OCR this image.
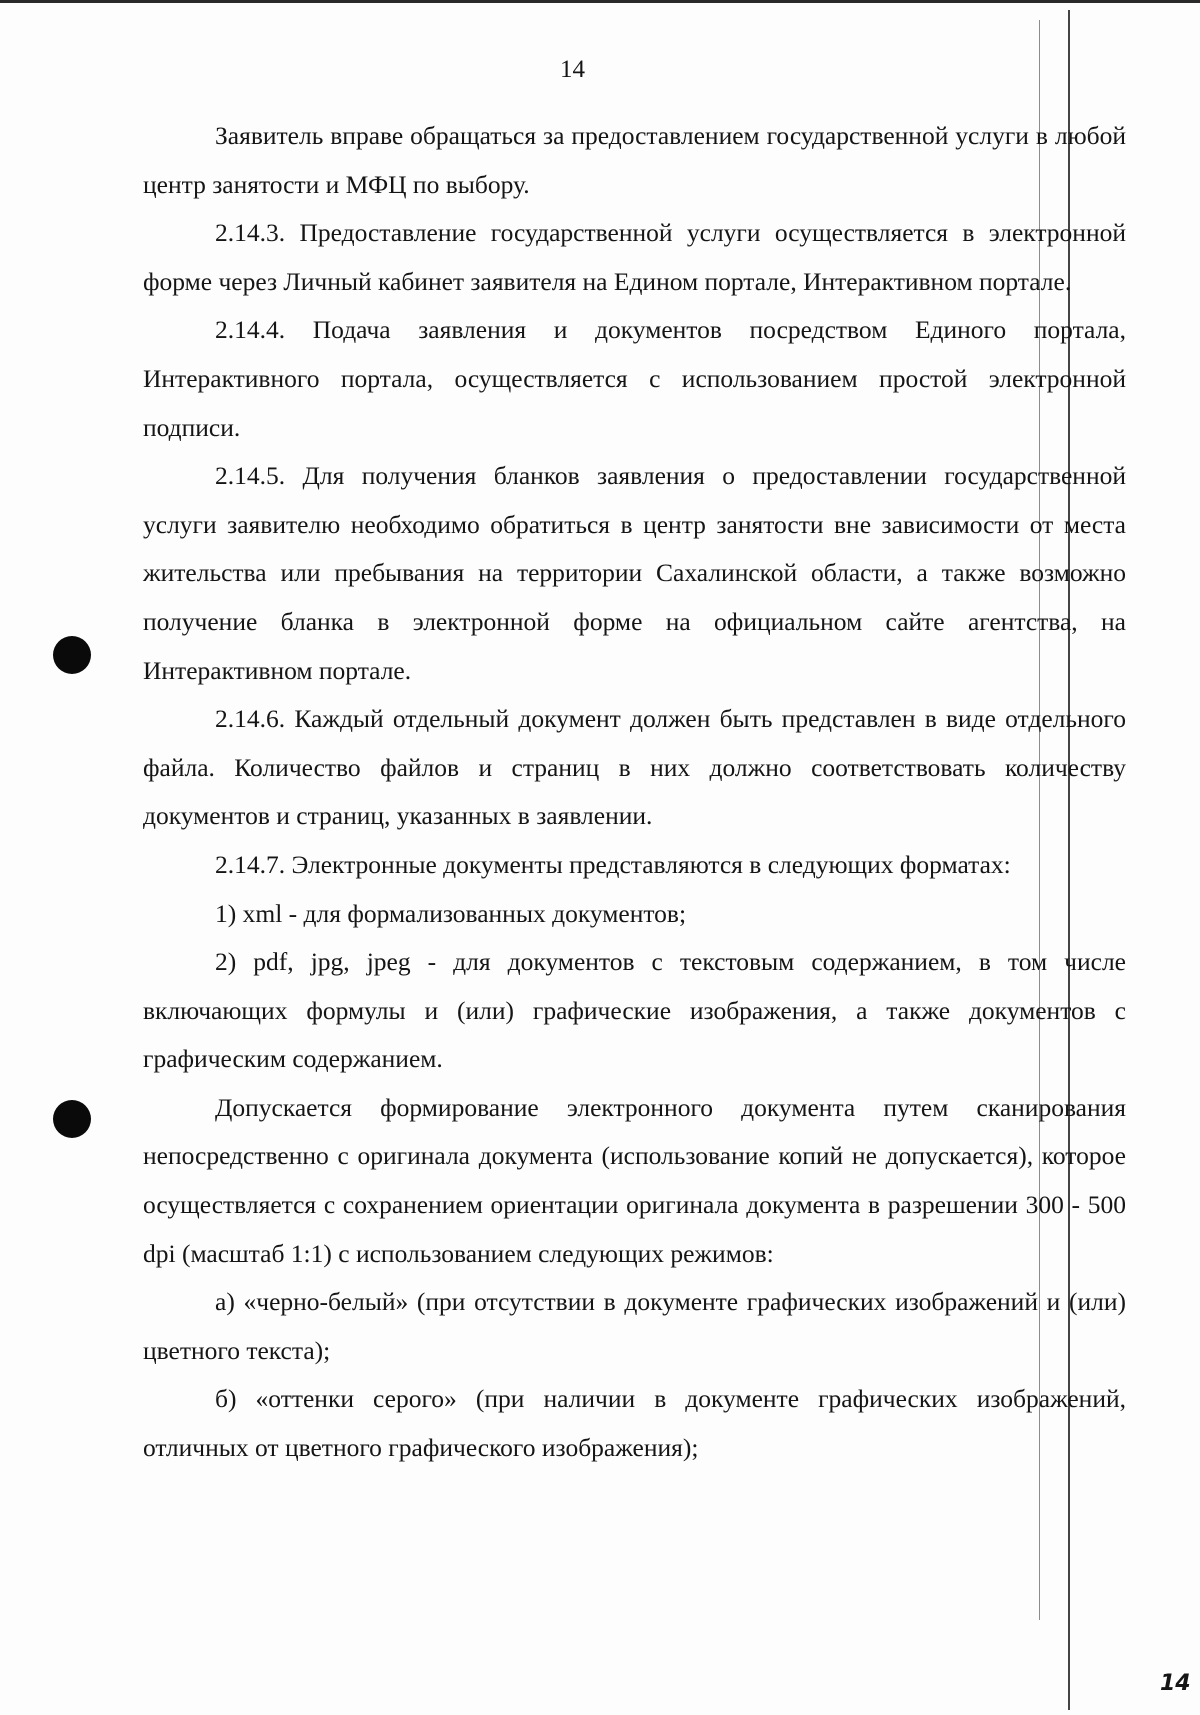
14

Заявитель вправе обращаться за предоставлением государственной услуги в любой центр занятости и МФЦ по выбору.

2.14.3. Предоставление государственной услуги осуществляется в электронной форме через Личный кабинет заявителя на Едином портале, Интерактивном портале.

2.14.4. Подача заявления и документов посредством Единого портала, Интерактивного портала, осуществляется с использованием простой электронной подписи.

2.14.5. Для получения бланков заявления о предоставлении государственной услуги заявителю необходимо обратиться в центр занятости вне зависимости от места жительства или пребывания на территории Сахалинской области, а также возможно получение бланка в электронной форме на официальном сайте агентства, на Интерактивном портале.

2.14.6. Каждый отдельный документ должен быть представлен в виде отдельного файла. Количество файлов и страниц в них должно соответствовать количеству документов и страниц, указанных в заявлении.

2.14.7. Электронные документы представляются в следующих форматах:

1) xml - для формализованных документов;

2) pdf, jpg, jpeg - для документов с текстовым содержанием, в том числе включающих формулы и (или) графические изображения, а также документов с графическим содержанием.

Допускается формирование электронного документа путем сканирования непосредственно с оригинала документа (использование копий не допускается), которое осуществляется с сохранением ориентации оригинала документа в разрешении 300 - 500 dpi (масштаб 1:1) с использованием следующих режимов:

а) «черно-белый» (при отсутствии в документе графических изображений и (или) цветного текста);

б) «оттенки серого» (при наличии в документе графических изображений, отличных от цветного графического изображения);

14
